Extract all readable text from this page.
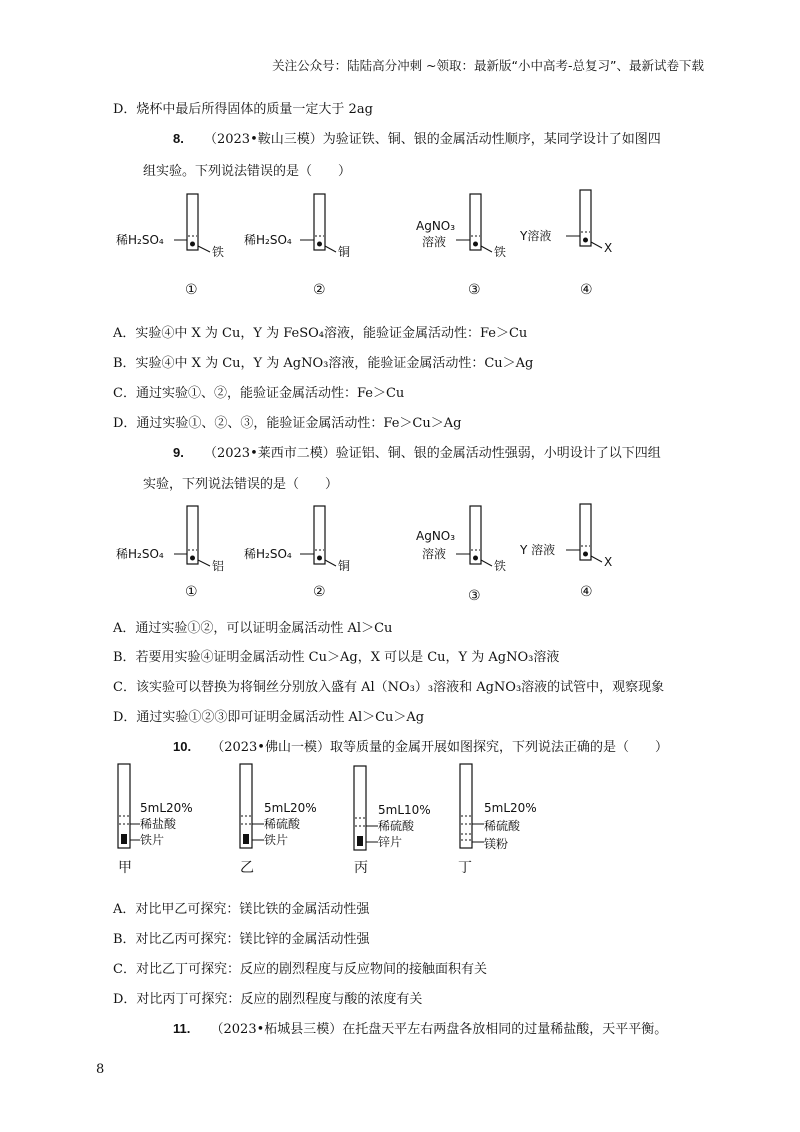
关注公众号：陆陆高分冲刺 ~领取：最新版“小中高考-总复习”、最新试卷下载
D．烧杯中最后所得固体的质量一定大于 2ag
8. （2023•鞍山三模）为验证铁、铜、银的金属活动性顺序，某同学设计了如图四
组实验。下列说法错误的是（　　）
稀H₂SO₄
铁
①
稀H₂SO₄
铜
②
AgNO₃
溶液
铁
③
Y溶液
X
④
A．实验④中 X 为 Cu，Y 为 FeSO₄溶液，能验证金属活动性：Fe＞Cu
B．实验④中 X 为 Cu，Y 为 AgNO₃溶液，能验证金属活动性：Cu＞Ag
C．通过实验①、②，能验证金属活动性：Fe＞Cu
D．通过实验①、②、③，能验证金属活动性：Fe＞Cu＞Ag
9. （2023•莱西市二模）验证铝、铜、银的金属活动性强弱，小明设计了以下四组
实验，下列说法错误的是（　　）
稀H₂SO₄
铝
①
稀H₂SO₄
铜
②
AgNO₃
溶液
铁
③
Y 溶液
X
④
A．通过实验①②，可以证明金属活动性 Al＞Cu
B．若要用实验④证明金属活动性 Cu＞Ag，X 可以是 Cu，Y 为 AgNO₃溶液
C．该实验可以替换为将铜丝分别放入盛有 Al（NO₃）₃溶液和 AgNO₃溶液的试管中，观察现象
D．通过实验①②③即可证明金属活动性 Al＞Cu＞Ag
10. （2023•佛山一模）取等质量的金属开展如图探究，下列说法正确的是（　　）
5mL20%
稀盐酸
铁片
甲
5mL20%
稀硫酸
铁片
乙
5mL10%
稀硫酸
锌片
丙
5mL20%
稀硫酸
镁粉
丁
A．对比甲乙可探究：镁比铁的金属活动性强
B．对比乙丙可探究：镁比锌的金属活动性强
C．对比乙丁可探究：反应的剧烈程度与反应物间的接触面积有关
D．对比丙丁可探究：反应的剧烈程度与酸的浓度有关
11. （2023•柘城县三模）在托盘天平左右两盘各放相同的过量稀盐酸，天平平衡。
8
